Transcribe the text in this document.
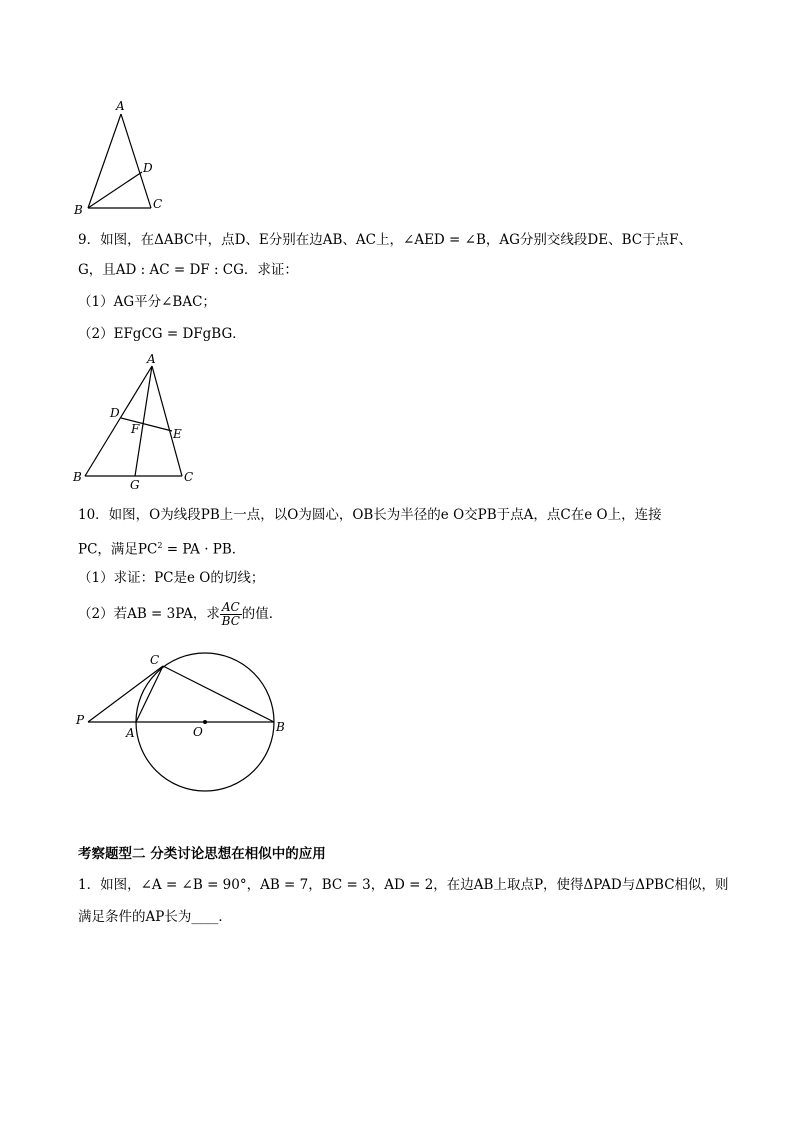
A
B	C
D
9．如图，在ΔABC中，点D、E分别在边AB、AC上，∠AED = ∠B，AG分别交线段DE、BC于点F、
G，且AD : AC = DF : CG．求证：
（1）AG平分∠BAC；
（2）EFgCG = DFgBG．
A
D
F	E
B
G
C
10．如图，O为线段PB上一点，以O为圆心，OB长为半径的e O交PB于点A，点C在e O上，连接
PC，满足$PC^2$ = PA · PB．
（1）求证：PC是e O的切线；
（2）若AB = 3PA，求 $\frac{AC}{BC}$ 的值．
C
P
A	O	B
考察题型二 分类讨论思想在相似中的应用
1．如图，∠A = ∠B = 90°，AB = 7，BC = 3，AD = 2，在边AB上取点P，使得ΔPAD与ΔPBC相似，则
满足条件的AP长为____．
